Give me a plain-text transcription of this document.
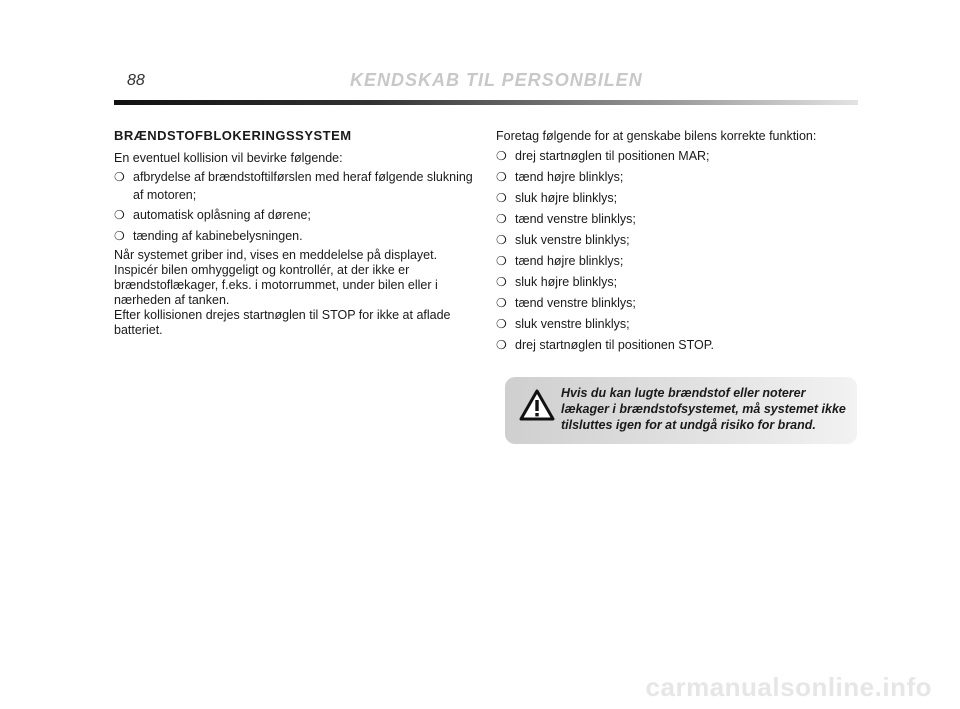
88	KENDSKAB TIL PERSONBILEN
BRÆNDSTOFBLOKERINGSSYSTEM

En eventuel kollision vil bevirke følgende:

❍ afbrydelse af brændstoftilførslen med heraf følgende slukning af motoren;
❍ automatisk oplåsning af dørene;
❍ tænding af kabinebelysningen.

Når systemet griber ind, vises en meddelelse på displayet.

Inspicér bilen omhyggeligt og kontrollér, at der ikke er brændstoflækager, f.eks. i motorrummet, under bilen eller i nærheden af tanken.

Efter kollisionen drejes startnøglen til STOP for ikke at aflade batteriet.

Foretag følgende for at genskabe bilens korrekte funktion:

❍ drej startnøglen til positionen MAR;
❍ tænd højre blinklys;
❍ sluk højre blinklys;
❍ tænd venstre blinklys;
❍ sluk venstre blinklys;
❍ tænd højre blinklys;
❍ sluk højre blinklys;
❍ tænd venstre blinklys;
❍ sluk venstre blinklys;
❍ drej startnøglen til positionen STOP.
Hvis du kan lugte brændstof eller noterer lækager i brændstofsystemet, må systemet ikke tilsluttes igen for at undgå risiko for brand.
carmanualsonline.info
